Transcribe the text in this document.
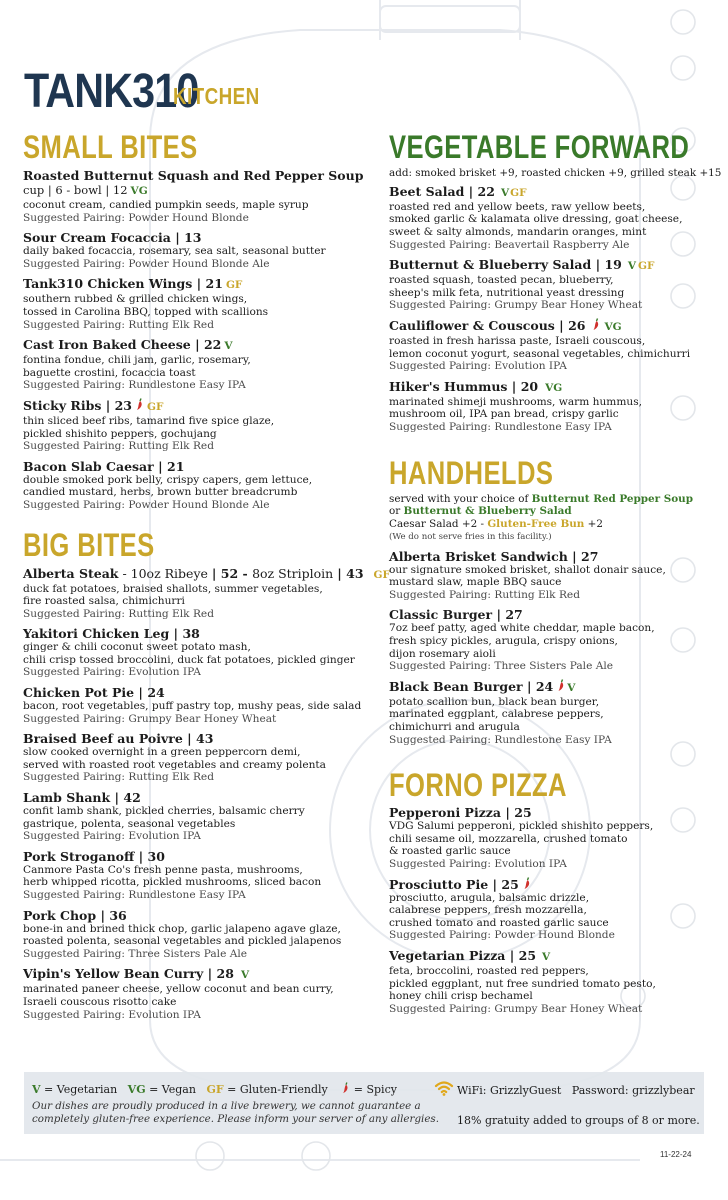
TANK310
KITCHEN
SMALL BITES
Roasted Butternut Squash and Red Pepper Soup
cup | 6 - bowl | 12 VG
coconut cream, candied pumpkin seeds, maple syrup
Suggested Pairing: Powder Hound Blonde
Sour Cream Focaccia | 13
daily baked focaccia, rosemary, sea salt, seasonal butter
Suggested Pairing: Powder Hound Blonde Ale
Tank310 Chicken Wings | 21 GF
southern rubbed & grilled chicken wings,
tossed in Carolina BBQ, topped with scallions
Suggested Pairing: Rutting Elk Red
Cast Iron Baked Cheese | 22 V
fontina fondue, chili jam, garlic, rosemary,
baguette crostini, focaccia toast
Suggested Pairing: Rundlestone Easy IPA
Sticky Ribs | 23 GF
thin sliced beef ribs, tamarind five spice glaze,
pickled shishito peppers, gochujang
Suggested Pairing: Rutting Elk Red
Bacon Slab Caesar | 21
double smoked pork belly, crispy capers, gem lettuce,
candied mustard, herbs, brown butter breadcrumb
Suggested Pairing: Powder Hound Blonde Ale
BIG BITES
Alberta Steak - 10oz Ribeye | 52 - 8oz Striploin | 43 GF
duck fat potatoes, braised shallots, summer vegetables,
fire roasted salsa, chimichurri
Suggested Pairing: Rutting Elk Red
Yakitori Chicken Leg | 38
ginger & chili coconut sweet potato mash,
chili crisp tossed broccolini, duck fat potatoes, pickled ginger
Suggested Pairing: Evolution IPA
Chicken Pot Pie | 24
bacon, root vegetables, puff pastry top, mushy peas, side salad
Suggested Pairing: Grumpy Bear Honey Wheat
Braised Beef au Poivre | 43
slow cooked overnight in a green peppercorn demi,
served with roasted root vegetables and creamy polenta
Suggested Pairing: Rutting Elk Red
Lamb Shank | 42
confit lamb shank, pickled cherries, balsamic cherry
gastrique, polenta, seasonal vegetables
Suggested Pairing: Evolution IPA
Pork Stroganoff | 30
Canmore Pasta Co's fresh penne pasta, mushrooms,
herb whipped ricotta, pickled mushrooms, sliced bacon
Suggested Pairing: Rundlestone Easy IPA
Pork Chop | 36
bone-in and brined thick chop, garlic jalapeno agave glaze,
roasted polenta, seasonal vegetables and pickled jalapenos
Suggested Pairing: Three Sisters Pale Ale
Vipin's Yellow Bean Curry | 28 V
marinated paneer cheese, yellow coconut and bean curry,
Israeli couscous risotto cake
Suggested Pairing: Evolution IPA
VEGETABLE FORWARD
add: smoked brisket +9, roasted chicken +9, grilled steak +15
Beet Salad | 22 VGF
roasted red and yellow beets, raw yellow beets,
smoked garlic & kalamata olive dressing, goat cheese,
sweet & salty almonds, mandarin oranges, mint
Suggested Pairing: Beavertail Raspberry Ale
Butternut & Blueberry Salad | 19 V GF
roasted squash, toasted pecan, blueberry,
sheep's milk feta, nutritional yeast dressing
Suggested Pairing: Grumpy Bear Honey Wheat
Cauliflower & Couscous | 26 VG
roasted in fresh harissa paste, Israeli couscous,
lemon coconut yogurt, seasonal vegetables, chimichurri
Suggested Pairing: Evolution IPA
Hiker's Hummus | 20 VG
marinated shimeji mushrooms, warm hummus,
mushroom oil, IPA pan bread, crispy garlic
Suggested Pairing: Rundlestone Easy IPA
HANDHELDS
served with your choice of Butternut Red Pepper Soup
or Butternut & Blueberry Salad
Caesar Salad +2 - Gluten-Free Bun +2
(We do not serve fries in this facility.)
Alberta Brisket Sandwich | 27
our signature smoked brisket, shallot donair sauce,
mustard slaw, maple BBQ sauce
Suggested Pairing: Rutting Elk Red
Classic Burger | 27
7oz beef patty, aged white cheddar, maple bacon,
fresh spicy pickles, arugula, crispy onions,
dijon rosemary aioli
Suggested Pairing: Three Sisters Pale Ale
Black Bean Burger | 24 V
potato scallion bun, black bean burger,
marinated eggplant, calabrese peppers,
chimichurri and arugula
Suggested Pairing: Rundlestone Easy IPA
FORNO PIZZA
Pepperoni Pizza | 25
VDG Salumi pepperoni, pickled shishito peppers,
chili sesame oil, mozzarella, crushed tomato
& roasted garlic sauce
Suggested Pairing: Evolution IPA
Prosciutto Pie | 25
prosciutto, arugula, balsamic drizzle,
calabrese peppers, fresh mozzarella,
crushed tomato and roasted garlic sauce
Suggested Pairing: Powder Hound Blonde
Vegetarian Pizza | 25 V
feta, broccolini, roasted red peppers,
pickled eggplant, nut free sundried tomato pesto,
honey chili crisp bechamel
Suggested Pairing: Grumpy Bear Honey Wheat
V = Vegetarian VG = Vegan GF = Gluten-Friendly    = Spicy
Our dishes are proudly produced in a live brewery, we cannot guarantee a
completely gluten-free experience. Please inform your server of any allergies.
WiFi: GrizzlyGuest Password: grizzlybear
18% gratuity added to groups of 8 or more.
11-22-24
